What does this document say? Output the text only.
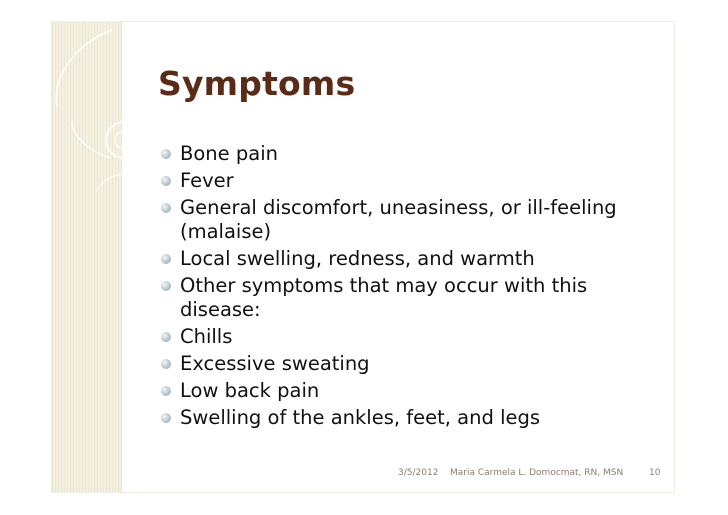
Symptoms
Bone pain
Fever
General discomfort, uneasiness, or ill-feeling (malaise)
Local swelling, redness, and warmth
Other symptoms that may occur with this disease:
Chills
Excessive sweating
Low back pain
Swelling of the ankles, feet, and legs
3/5/2012 Maria Carmela L. Domocmat, RN, MSN	10
